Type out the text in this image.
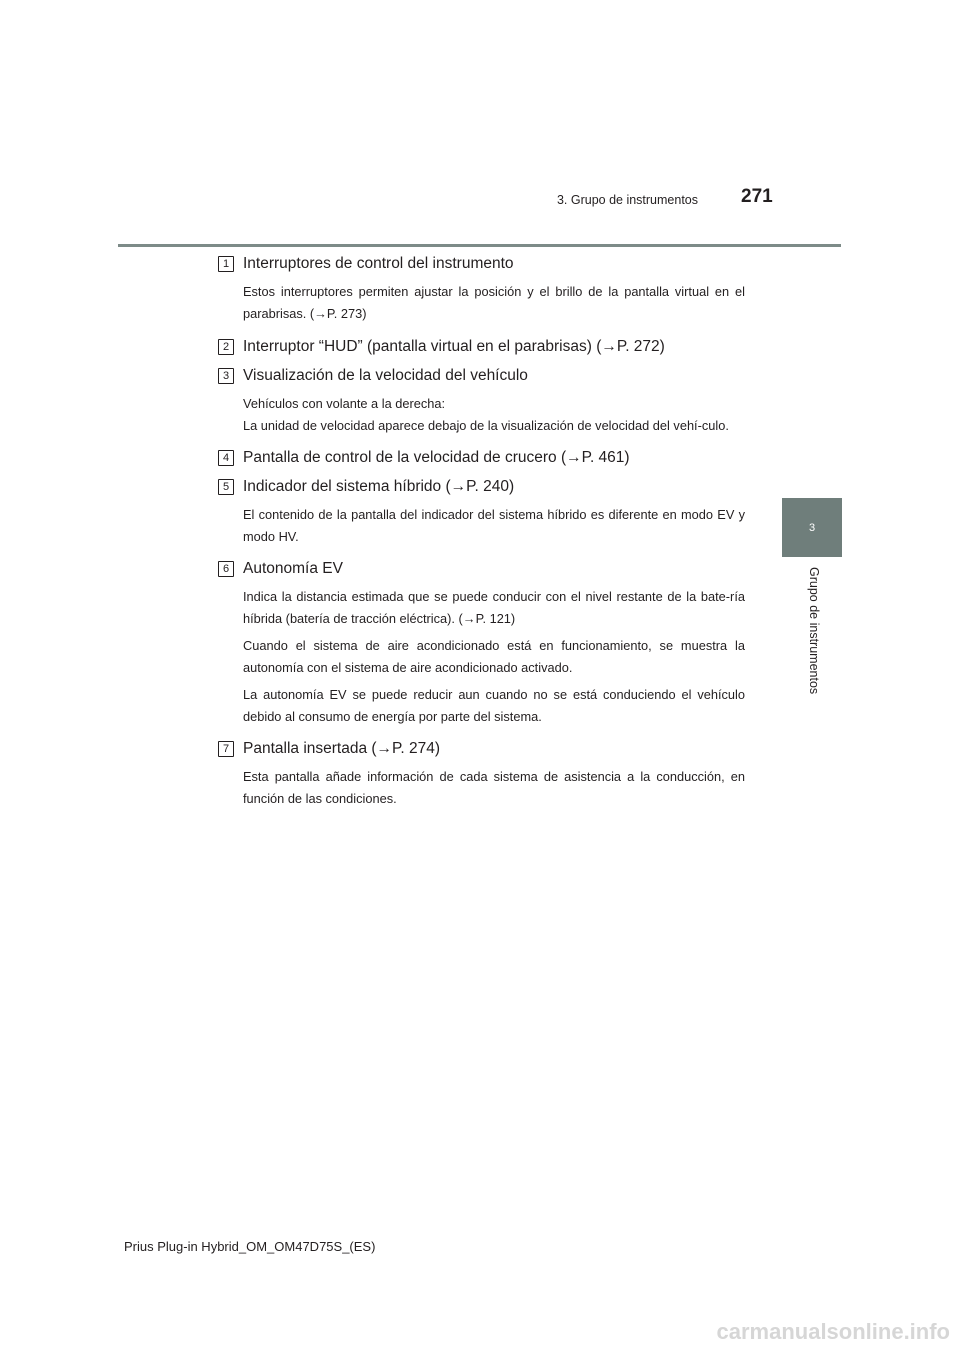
3. Grupo de instrumentos 271
3
Grupo de instrumentos
1 Interruptores de control del instrumento

Estos interruptores permiten ajustar la posición y el brillo de la pantalla virtual en el parabrisas. (→P. 273)

2 Interruptor “HUD” (pantalla virtual en el parabrisas) (→P. 272)
3 Visualización de la velocidad del vehículo

Vehículos con volante a la derecha:

La unidad de velocidad aparece debajo de la visualización de velocidad del vehí-culo.

4 Pantalla de control de la velocidad de crucero (→P. 461)
5 Indicador del sistema híbrido (→P. 240)

El contenido de la pantalla del indicador del sistema híbrido es diferente en modo EV y modo HV.

6 Autonomía EV

Indica la distancia estimada que se puede conducir con el nivel restante de la bate-ría híbrida (batería de tracción eléctrica). (→P. 121)

Cuando el sistema de aire acondicionado está en funcionamiento, se muestra la autonomía con el sistema de aire acondicionado activado.

La autonomía EV se puede reducir aun cuando no se está conduciendo el vehículo debido al consumo de energía por parte del sistema.

7 Pantalla insertada (→P. 274)

Esta pantalla añade información de cada sistema de asistencia a la conducción, en función de las condiciones.

Prius Plug-in Hybrid_OM_OM47D75S_(ES)
carmanualsonline.info
